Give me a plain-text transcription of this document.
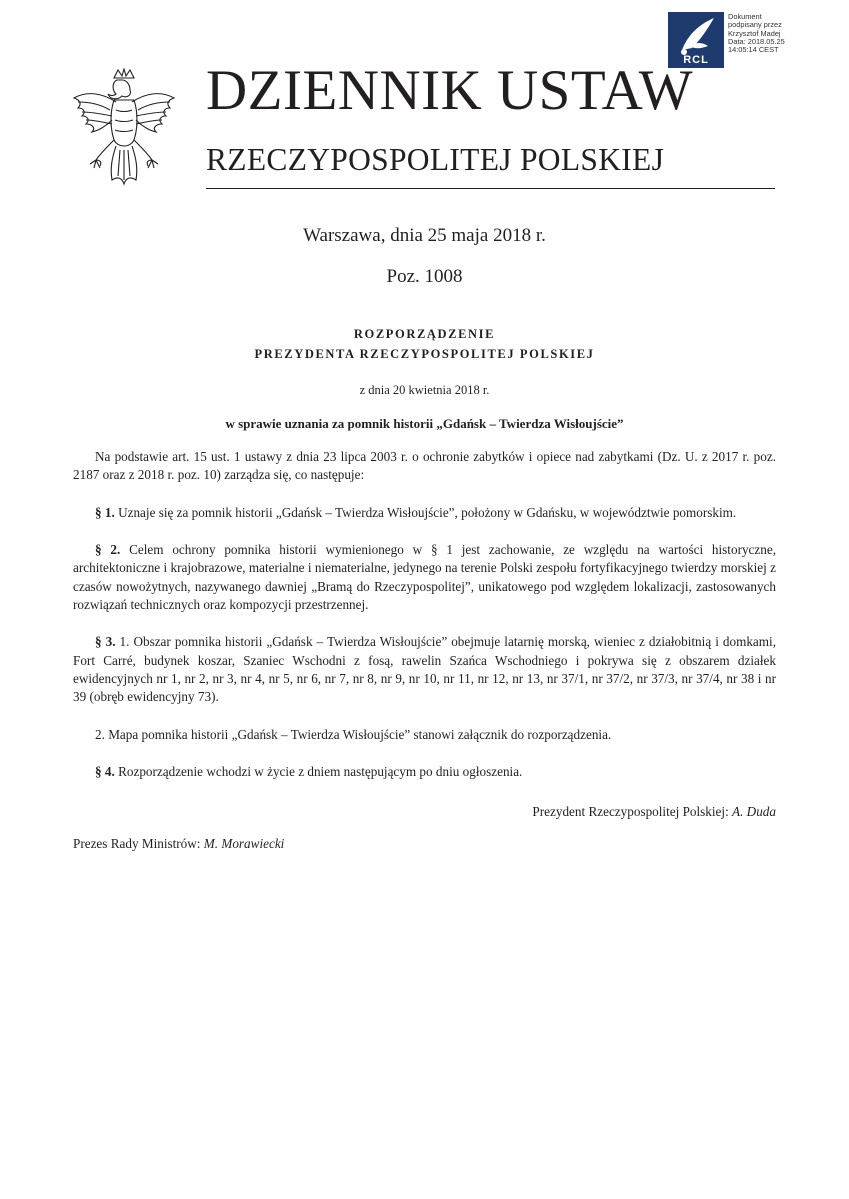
RCL
Dokument
podpisany przez
Krzysztof Madej
Data: 2018.05.25
14:05:14 CEST
DZIENNIK USTAW
RZECZYPOSPOLITEJ POLSKIEJ
Warszawa, dnia 25 maja 2018 r.
Poz. 1008
ROZPORZĄDZENIE
PREZYDENTA RZECZYPOSPOLITEJ POLSKIEJ
z dnia 20 kwietnia 2018 r.
w sprawie uznania za pomnik historii „Gdańsk – Twierdza Wisłoujście”

Na podstawie art. 15 ust. 1 ustawy z dnia 23 lipca 2003 r. o ochronie zabytków i opiece nad zabytkami (Dz. U. z 2017 r. poz. 2187 oraz z 2018 r. poz. 10) zarządza się, co następuje:

§ 1. Uznaje się za pomnik historii „Gdańsk – Twierdza Wisłoujście”, położony w Gdańsku, w województwie pomorskim.

§ 2. Celem ochrony pomnika historii wymienionego w § 1 jest zachowanie, ze względu na wartości historyczne, architektoniczne i krajobrazowe, materialne i niematerialne, jedynego na terenie Polski zespołu fortyfikacyjnego twierdzy morskiej z czasów nowożytnych, nazywanego dawniej „Bramą do Rzeczypospolitej”, unikatowego pod względem lokalizacji, zastosowanych rozwiązań technicznych oraz kompozycji przestrzennej.

§ 3. 1. Obszar pomnika historii „Gdańsk – Twierdza Wisłoujście” obejmuje latarnię morską, wieniec z działobitnią i domkami, Fort Carré, budynek koszar, Szaniec Wschodni z fosą, rawelin Szańca Wschodniego i pokrywa się z obszarem działek ewidencyjnych nr 1, nr 2, nr 3, nr 4, nr 5, nr 6, nr 7, nr 8, nr 9, nr 10, nr 11, nr 12, nr 13, nr 37/1, nr 37/2, nr 37/3, nr 37/4, nr 38 i nr 39 (obręb ewidencyjny 73).

2. Mapa pomnika historii „Gdańsk – Twierdza Wisłoujście” stanowi załącznik do rozporządzenia.

§ 4. Rozporządzenie wchodzi w życie z dniem następującym po dniu ogłoszenia.

Prezydent Rzeczypospolitej Polskiej: A. Duda
Prezes Rady Ministrów: M. Morawiecki
